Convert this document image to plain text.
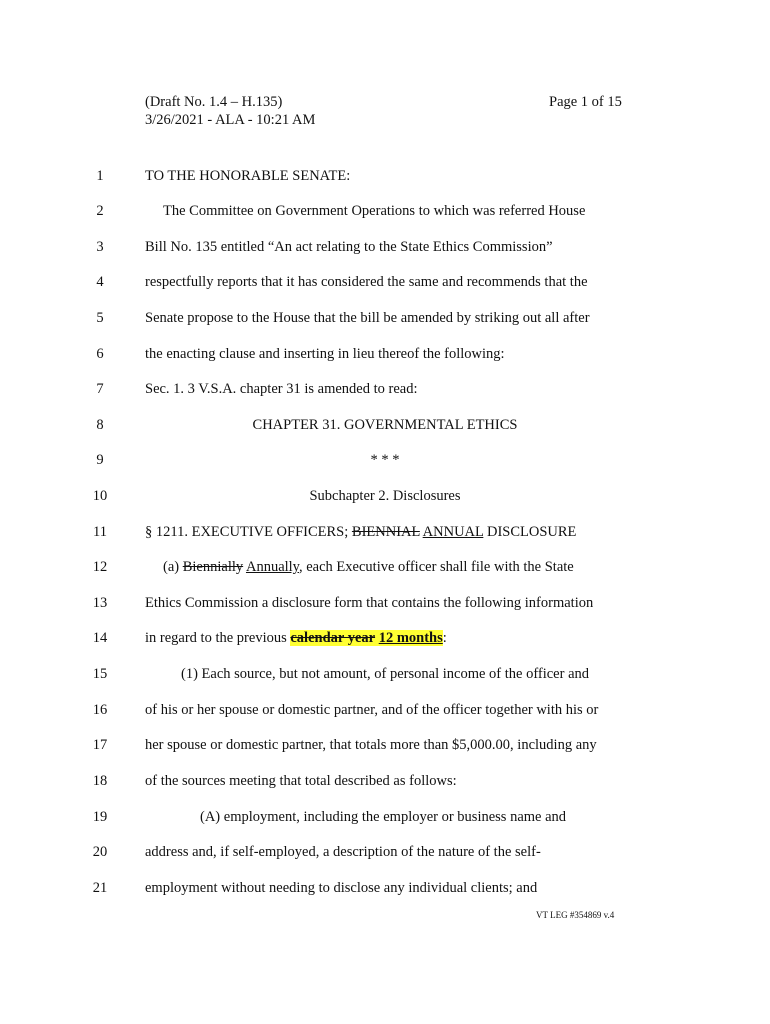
(Draft No. 1.4 – H.135)
3/26/2021 - ALA - 10:21 AM
Page 1 of 15
1	TO THE HONORABLE SENATE:
2	The Committee on Government Operations to which was referred House
3	Bill No. 135 entitled “An act relating to the State Ethics Commission”
4	respectfully reports that it has considered the same and recommends that the
5	Senate propose to the House that the bill be amended by striking out all after
6	the enacting clause and inserting in lieu thereof the following:
7	Sec. 1. 3 V.S.A. chapter 31 is amended to read:
8	CHAPTER 31. GOVERNMENTAL ETHICS
9	* * *
10	Subchapter 2. Disclosures
11	§ 1211. EXECUTIVE OFFICERS; BIENNIAL ANNUAL DISCLOSURE
12	(a) Biennially Annually, each Executive officer shall file with the State
13	Ethics Commission a disclosure form that contains the following information
14	in regard to the previous calendar year 12 months:
15	(1) Each source, but not amount, of personal income of the officer and
16	of his or her spouse or domestic partner, and of the officer together with his or
17	her spouse or domestic partner, that totals more than $5,000.00, including any
18	of the sources meeting that total described as follows:
19	(A) employment, including the employer or business name and
20	address and, if self-employed, a description of the nature of the self-
21	employment without needing to disclose any individual clients; and
VT LEG #354869 v.4
